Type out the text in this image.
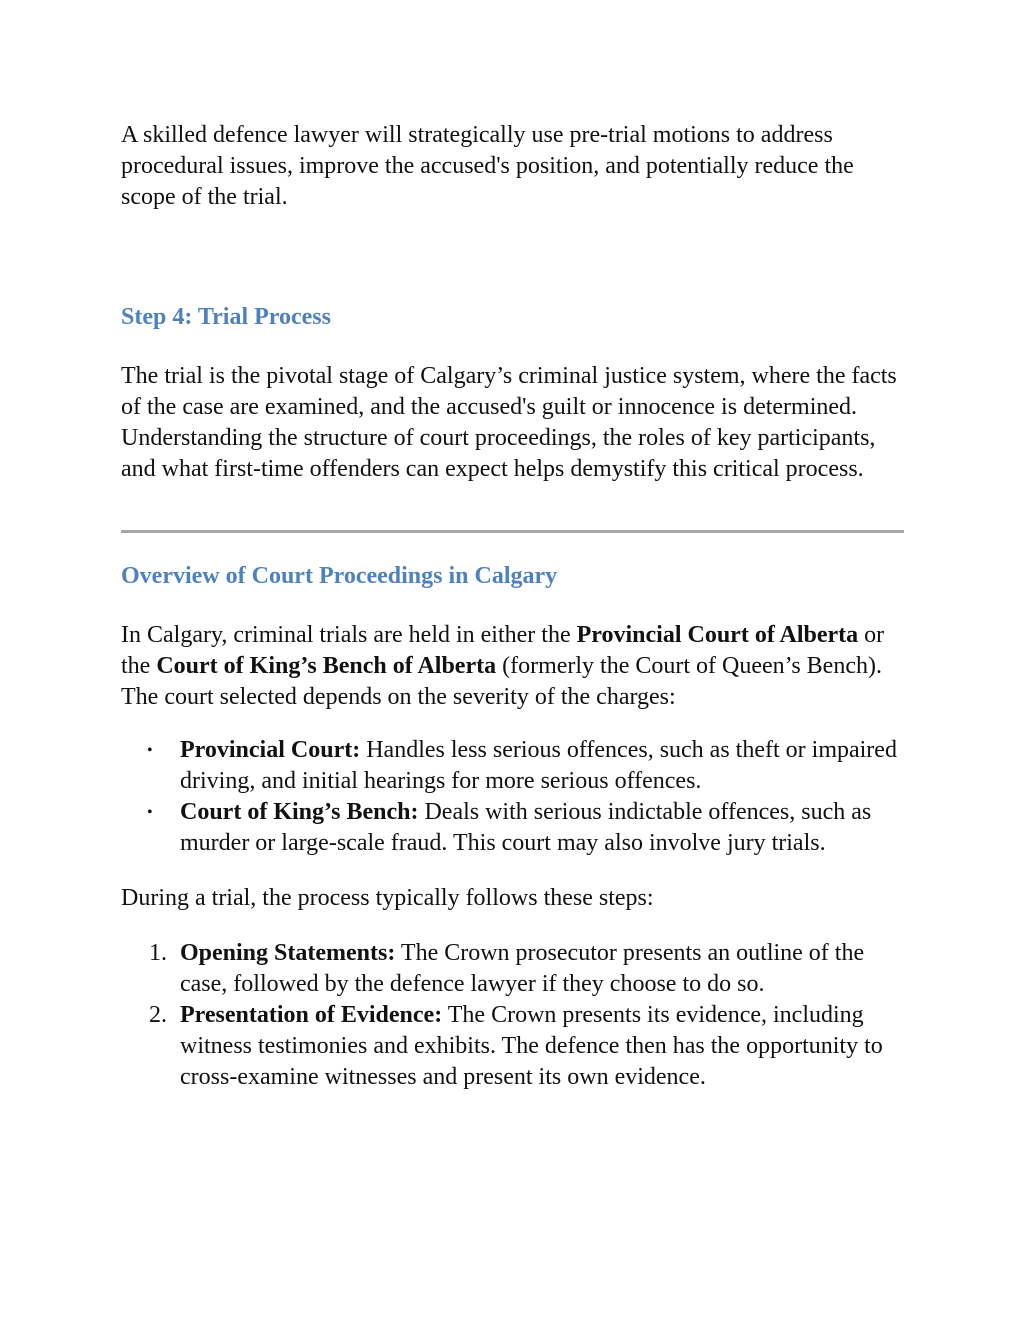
A skilled defence lawyer will strategically use pre-trial motions to address procedural issues, improve the accused's position, and potentially reduce the scope of the trial.

Step 4: Trial Process

The trial is the pivotal stage of Calgary’s criminal justice system, where the facts of the case are examined, and the accused's guilt or innocence is determined. Understanding the structure of court proceedings, the roles of key participants, and what first-time offenders can expect helps demystify this critical process.

Overview of Court Proceedings in Calgary

In Calgary, criminal trials are held in either the Provincial Court of Alberta or the Court of King’s Bench of Alberta (formerly the Court of Queen’s Bench). The court selected depends on the severity of the charges:

• Provincial Court: Handles less serious offences, such as theft or impaired driving, and initial hearings for more serious offences.
• Court of King’s Bench: Deals with serious indictable offences, such as murder or large-scale fraud. This court may also involve jury trials.

During a trial, the process typically follows these steps:

1. Opening Statements: The Crown prosecutor presents an outline of the case, followed by the defence lawyer if they choose to do so.
2. Presentation of Evidence: The Crown presents its evidence, including witness testimonies and exhibits. The defence then has the opportunity to cross-examine witnesses and present its own evidence.
